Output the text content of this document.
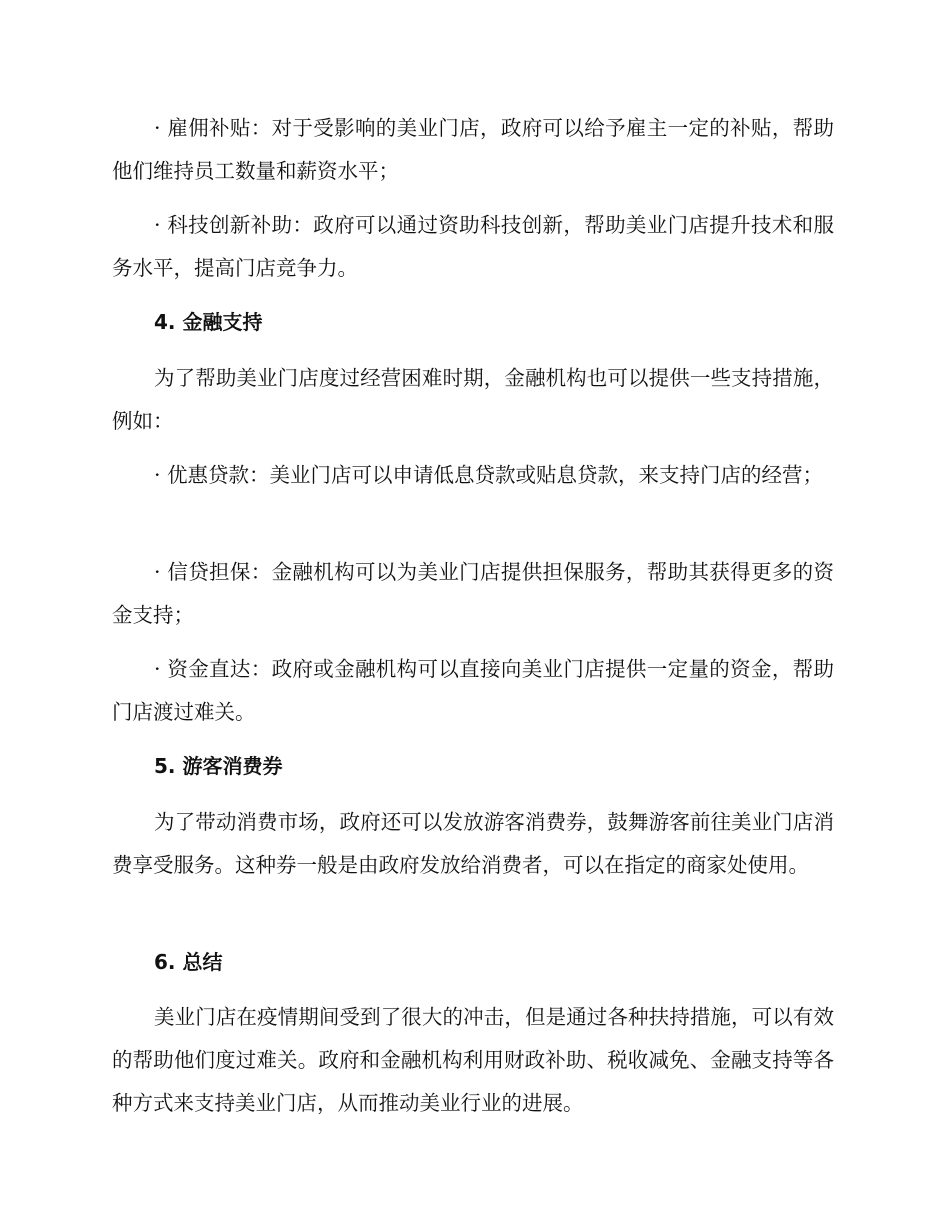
· 雇佣补贴：对于受影响的美业门店，政府可以给予雇主一定的补贴，帮助他们维持员工数量和薪资水平；

· 科技创新补助：政府可以通过资助科技创新，帮助美业门店提升技术和服务水平，提高门店竞争力。

4. 金融支持

为了帮助美业门店度过经营困难时期，金融机构也可以提供一些支持措施，例如：

· 优惠贷款：美业门店可以申请低息贷款或贴息贷款，来支持门店的经营；

· 信贷担保：金融机构可以为美业门店提供担保服务，帮助其获得更多的资金支持；

· 资金直达：政府或金融机构可以直接向美业门店提供一定量的资金，帮助门店渡过难关。

5. 游客消费券

为了带动消费市场，政府还可以发放游客消费券，鼓舞游客前往美业门店消费享受服务。这种券一般是由政府发放给消费者，可以在指定的商家处使用。

6. 总结

美业门店在疫情期间受到了很大的冲击，但是通过各种扶持措施，可以有效的帮助他们度过难关。政府和金融机构利用财政补助、税收减免、金融支持等各种方式来支持美业门店，从而推动美业行业的进展。
